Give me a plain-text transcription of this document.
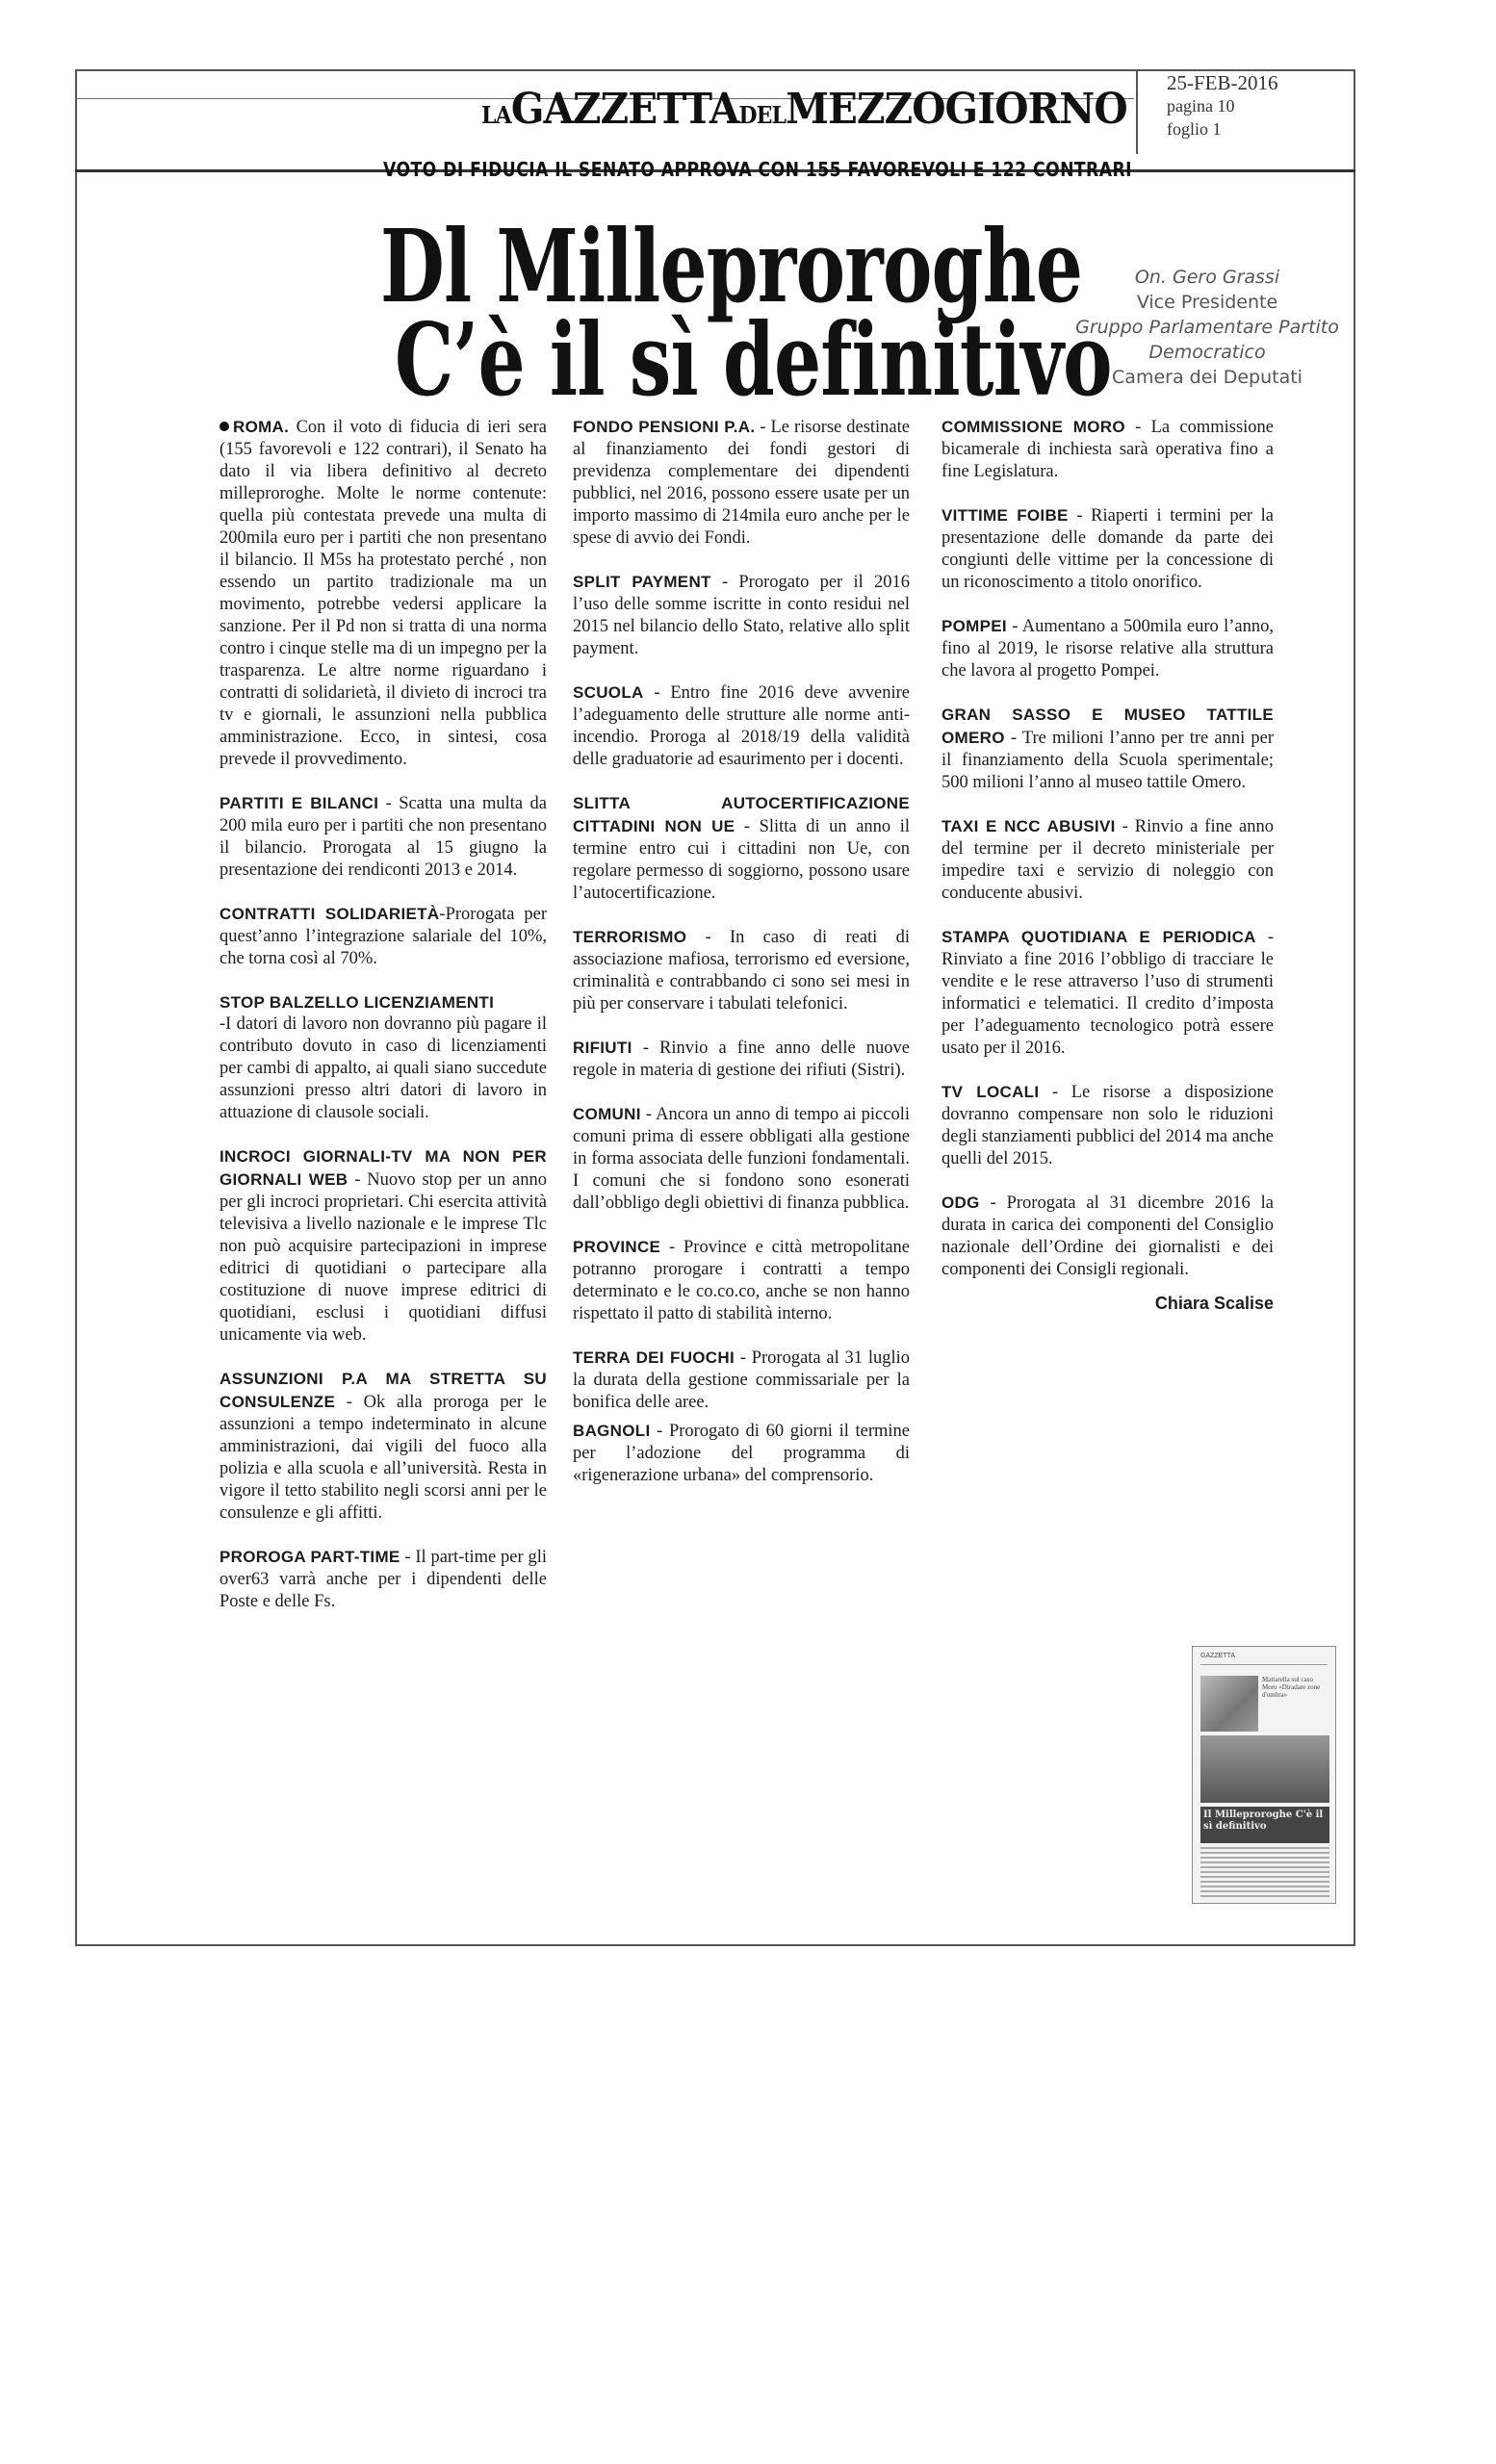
LAGAZZETTADELMEZZOGIORNO
25-FEB-2016
pagina 10
foglio 1
VOTO DI FIDUCIA IL SENATO APPROVA CON 155 FAVOREVOLI E 122 CONTRARI
Dl Milleproroghe
C’è il sì definitivo
On. Gero Grassi
Vice Presidente
Gruppo Parlamentare Partito Democratico
Camera dei Deputati

ROMA. Con il voto di fiducia di ieri sera (155 favorevoli e 122 contrari), il Senato ha dato il via libera definitivo al decreto milleproroghe. Molte le norme contenute: quella più contestata prevede una multa di 200mila euro per i partiti che non presentano il bilancio. Il M5s ha protestato perché , non essendo un partito tradizionale ma un movimento, potrebbe vedersi applicare la sanzione. Per il Pd non si tratta di una norma contro i cinque stelle ma di un impegno per la trasparenza. Le altre norme riguardano i contratti di solidarietà, il divieto di incroci tra tv e giornali, le assunzioni nella pubblica amministrazione. Ecco, in sintesi, cosa prevede il provvedimento.

PARTITI E BILANCI - Scatta una multa da 200 mila euro per i partiti che non presentano il bilancio. Prorogata al 15 giugno la presentazione dei rendiconti 2013 e 2014.

CONTRATTI SOLIDARIETÀ-Prorogata per quest’anno l’integrazione salariale del 10%, che torna così al 70%.

STOP BALZELLO LICENZIAMENTI
-I datori di lavoro non dovranno più pagare il contributo dovuto in caso di licenziamenti per cambi di appalto, ai quali siano succedute assunzioni presso altri datori di lavoro in attuazione di clausole sociali.

INCROCI GIORNALI-TV MA NON PER GIORNALI WEB - Nuovo stop per un anno per gli incroci proprietari. Chi esercita attività televisiva a livello nazionale e le imprese Tlc non può acquisire partecipazioni in imprese editrici di quotidiani o partecipare alla costituzione di nuove imprese editrici di quotidiani, esclusi i quotidiani diffusi unicamente via web.

ASSUNZIONI P.A MA STRETTA SU CONSULENZE - Ok alla proroga per le assunzioni a tempo indeterminato in alcune amministrazioni, dai vigili del fuoco alla polizia e alla scuola e all’università. Resta in vigore il tetto stabilito negli scorsi anni per le consulenze e gli affitti.

PROROGA PART-TIME - Il part-time per gli over63 varrà anche per i dipendenti delle Poste e delle Fs.

FONDO PENSIONI P.A. - Le risorse destinate al finanziamento dei fondi gestori di previdenza complementare dei dipendenti pubblici, nel 2016, possono essere usate per un importo massimo di 214mila euro anche per le spese di avvio dei Fondi.

SPLIT PAYMENT - Prorogato per il 2016 l’uso delle somme iscritte in conto residui nel 2015 nel bilancio dello Stato, relative allo split payment.

SCUOLA - Entro fine 2016 deve avvenire l’adeguamento delle strutture alle norme anti-incendio. Proroga al 2018/19 della validità delle graduatorie ad esaurimento per i docenti.

SLITTA AUTOCERTIFICAZIONE CITTADINI NON UE - Slitta di un anno il termine entro cui i cittadini non Ue, con regolare permesso di soggiorno, possono usare l’autocertificazione.

TERRORISMO - In caso di reati di associazione mafiosa, terrorismo ed eversione, criminalità e contrabbando ci sono sei mesi in più per conservare i tabulati telefonici.

RIFIUTI - Rinvio a fine anno delle nuove regole in materia di gestione dei rifiuti (Sistri).

COMUNI - Ancora un anno di tempo ai piccoli comuni prima di essere obbligati alla gestione in forma associata delle funzioni fondamentali. I comuni che si fondono sono esonerati dall’obbligo degli obiettivi di finanza pubblica.

PROVINCE - Province e città metropolitane potranno prorogare i contratti a tempo determinato e le co.co.co, anche se non hanno rispettato il patto di stabilità interno.

TERRA DEI FUOCHI - Prorogata al 31 luglio la durata della gestione commissariale per la bonifica delle aree.

BAGNOLI - Prorogato di 60 giorni il termine per l’adozione del programma di «rigenerazione urbana» del comprensorio.

COMMISSIONE MORO - La commissione bicamerale di inchiesta sarà operativa fino a fine Legislatura.

VITTIME FOIBE - Riaperti i termini per la presentazione delle domande da parte dei congiunti delle vittime per la concessione di un riconoscimento a titolo onorifico.

POMPEI - Aumentano a 500mila euro l’anno, fino al 2019, le risorse relative alla struttura che lavora al progetto Pompei.

GRAN SASSO E MUSEO TATTILE OMERO - Tre milioni l’anno per tre anni per il finanziamento della Scuola sperimentale; 500 milioni l’anno al museo tattile Omero.

TAXI E NCC ABUSIVI - Rinvio a fine anno del termine per il decreto ministeriale per impedire taxi e servizio di noleggio con conducente abusivi.

STAMPA QUOTIDIANA E PERIODICA - Rinviato a fine 2016 l’obbligo di tracciare le vendite e le rese attraverso l’uso di strumenti informatici e telematici. Il credito d’imposta per l’adeguamento tecnologico potrà essere usato per il 2016.

TV LOCALI - Le risorse a disposizione dovranno compensare non solo le riduzioni degli stanziamenti pubblici del 2014 ma anche quelli del 2015.

ODG - Prorogata al 31 dicembre 2016 la durata in carica dei componenti del Consiglio nazionale dell’Ordine dei giornalisti e dei componenti dei Consigli regionali.

Chiara Scalise
GAZZETTA
Mattarella sul caso Moro «Diradare zone d'ombra»
Il Milleproroghe C'è il sì definitivo
